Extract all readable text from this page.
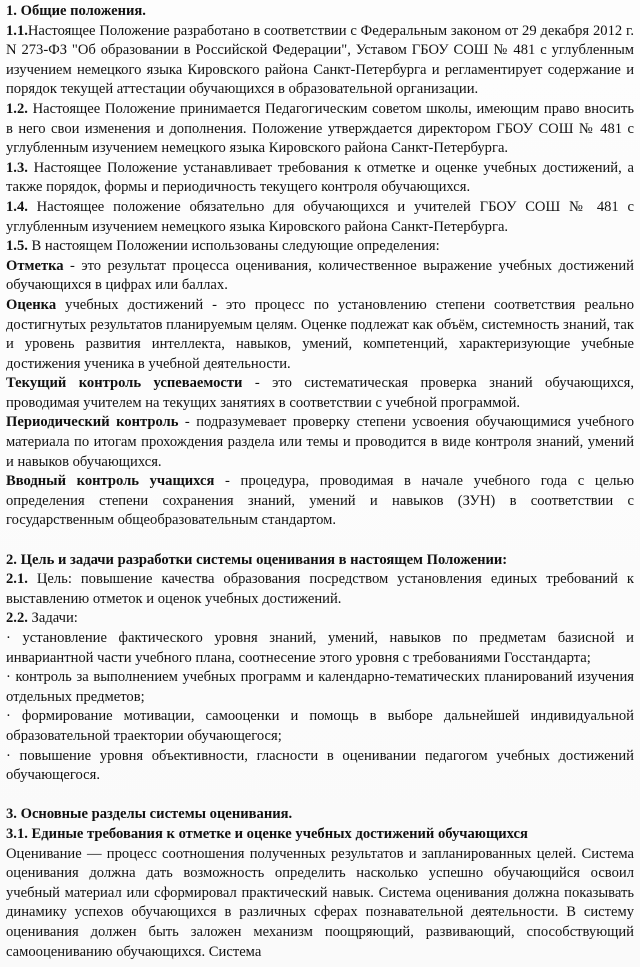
1. Общие положения.

1.1.Настоящее Положение разработано в соответствии с Федеральным законом от 29 декабря 2012 г. N 273-ФЗ "Об образовании в Российской Федерации", Уставом ГБОУ СОШ № 481 с углубленным изучением немецкого языка Кировского района Санкт-Петербурга и регламентирует содержание и порядок текущей аттестации обучающихся в образовательной организации.

1.2. Настоящее Положение принимается Педагогическим советом школы, имеющим право вносить в него свои изменения и дополнения. Положение утверждается директором ГБОУ СОШ № 481 с углубленным изучением немецкого языка Кировского района Санкт-Петербурга.

1.3. Настоящее Положение устанавливает требования к отметке и оценке учебных достижений, а также порядок, формы и периодичность текущего контроля обучающихся.

1.4. Настоящее положение обязательно для обучающихся и учителей ГБОУ СОШ № 481 с углубленным изучением немецкого языка Кировского района Санкт-Петербурга.

1.5. В настоящем Положении использованы следующие определения:

Отметка - это результат процесса оценивания, количественное выражение учебных достижений обучающихся в цифрах или баллах.

Оценка учебных достижений - это процесс по установлению степени соответствия реально достигнутых результатов планируемым целям. Оценке подлежат как объём, системность знаний, так и уровень развития интеллекта, навыков, умений, компетенций, характеризующие учебные достижения ученика в учебной деятельности.

Текущий контроль успеваемости - это систематическая проверка знаний обучающихся, проводимая учителем на текущих занятиях в соответствии с учебной программой.

Периодический контроль - подразумевает проверку степени усвоения обучающимися учебного материала по итогам прохождения раздела или темы и проводится в виде контроля знаний, умений и навыков обучающихся.

Вводный контроль учащихся - процедура, проводимая в начале учебного года с целью определения степени сохранения знаний, умений и навыков (ЗУН) в соответствии с государственным общеобразовательным стандартом.

2. Цель и задачи разработки системы оценивания в настоящем Положении:

2.1. Цель: повышение качества образования посредством установления единых требований к выставлению отметок и оценок учебных достижений.

2.2. Задачи:

· установление фактического уровня знаний, умений, навыков по предметам базисной и инвариантной части учебного плана, соотнесение этого уровня с требованиями Госстандарта;

· контроль за выполнением учебных программ и календарно-тематических планирований изучения отдельных предметов;

· формирование мотивации, самооценки и помощь в выборе дальнейшей индивидуальной образовательной траектории обучающегося;

· повышение уровня объективности, гласности в оценивании педагогом учебных достижений обучающегося.

3. Основные разделы системы оценивания.

3.1. Единые требования к отметке и оценке учебных достижений обучающихся

Оценивание — процесс соотношения полученных результатов и запланированных целей. Система оценивания должна дать возможность определить насколько успешно обучающийся освоил учебный материал или сформировал практический навык. Система оценивания должна показывать динамику успехов обучающихся в различных сферах познавательной деятельности. В систему оценивания должен быть заложен механизм поощряющий, развивающий, способствующий самооцениванию обучающихся. Система
